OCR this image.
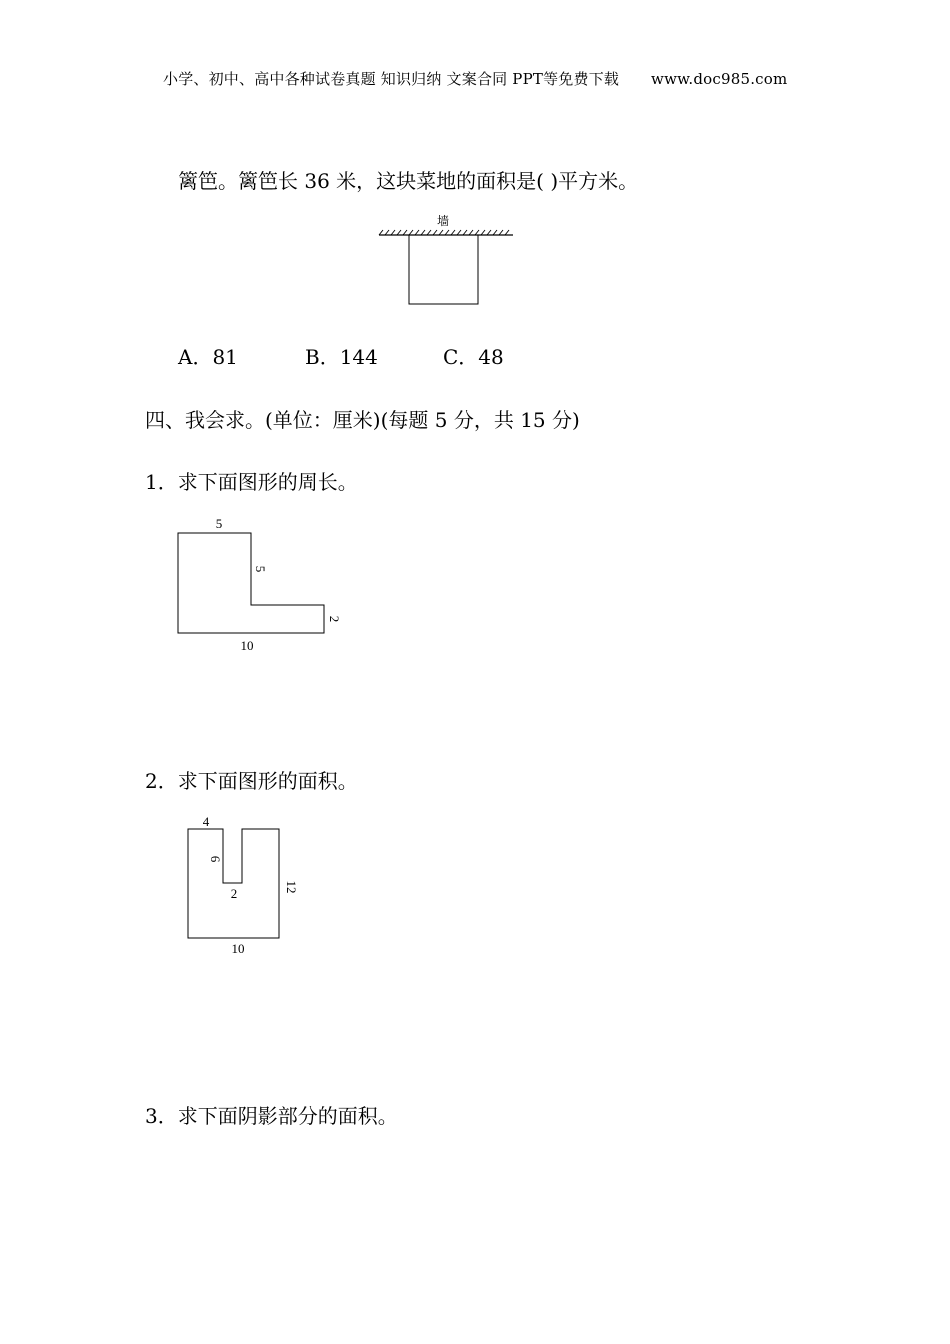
小学、初中、高中各种试卷真题 知识归纳 文案合同 PPT等免费下载 www.doc985.com
篱笆。篱笆长 36 米，这块菜地的面积是( )平方米。
墙
A．81	B．144	C．48
四、我会求。(单位：厘米)(每题 5 分，共 15 分)
1．求下面图形的周长。
5
5
2
10
2．求下面图形的面积。
4
6
2	12
10
3．求下面阴影部分的面积。
